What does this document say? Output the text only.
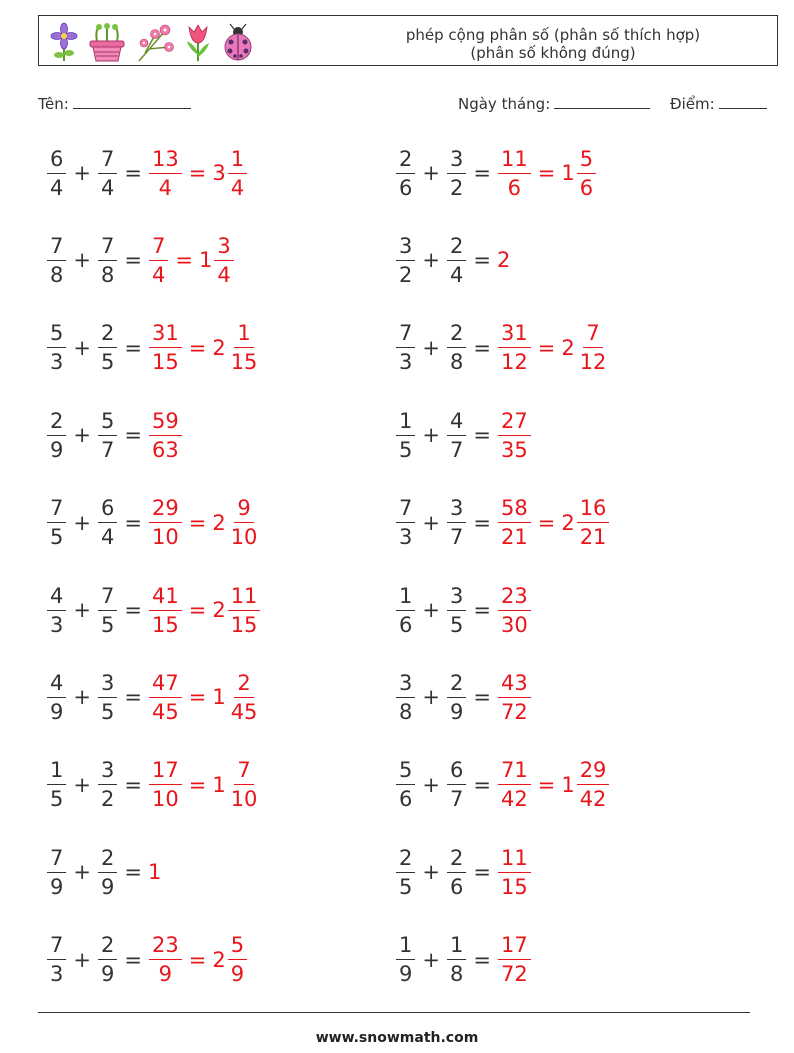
phép cộng phân số (phân số thích hợp)
(phân số không đúng)
Tên:	Ngày tháng:	Điểm:
$\frac{6}{4} + \frac{7}{4} = \frac{13}{4} = 3 \frac{1}{4}$	$\frac{2}{6} + \frac{3}{2} = \frac{11}{6} = 1 \frac{5}{6}$
$\frac{7}{8} + \frac{7}{8} = \frac{7}{4} = 1 \frac{3}{4}$	$\frac{3}{2} + \frac{2}{4} = 2$
$\frac{5}{3} + \frac{2}{5} = \frac{31}{15} = 2 \frac{1}{15}$	$\frac{7}{3} + \frac{2}{8} = \frac{31}{12} = 2 \frac{7}{12}$
$\frac{2}{9} + \frac{5}{7} = \frac{59}{63}$	$\frac{1}{5} + \frac{4}{7} = \frac{27}{35}$
$\frac{7}{5} + \frac{6}{4} = \frac{29}{10} = 2 \frac{9}{10}$	$\frac{7}{3} + \frac{3}{7} = \frac{58}{21} = 2 \frac{16}{21}$
$\frac{4}{3} + \frac{7}{5} = \frac{41}{15} = 2 \frac{11}{15}$	$\frac{1}{6} + \frac{3}{5} = \frac{23}{30}$
$\frac{4}{9} + \frac{3}{5} = \frac{47}{45} = 1 \frac{2}{45}$	$\frac{3}{8} + \frac{2}{9} = \frac{43}{72}$
$\frac{1}{5} + \frac{3}{2} = \frac{17}{10} = 1 \frac{7}{10}$	$\frac{5}{6} + \frac{6}{7} = \frac{71}{42} = 1 \frac{29}{42}$
$\frac{7}{9} + \frac{2}{9} = 1$	$\frac{2}{5} + \frac{2}{6} = \frac{11}{15}$
$\frac{7}{3} + \frac{2}{9} = \frac{23}{9} = 2 \frac{5}{9}$	$\frac{1}{9} + \frac{1}{8} = \frac{17}{72}$
www.snowmath.com
